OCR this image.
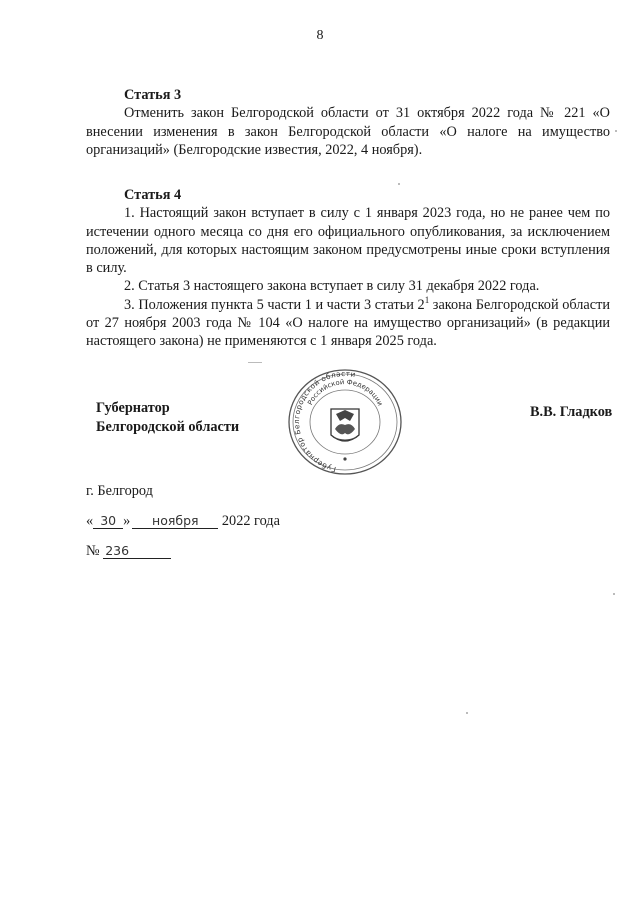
8
Статья 3
Отменить закон Белгородской области от 31 октября 2022 года № 221 «О внесении изменения в закон Белгородской области «О налоге на имущество организаций» (Белгородские известия, 2022, 4 ноября).
Статья 4
1. Настоящий закон вступает в силу с 1 января 2023 года, но не ранее чем по истечении одного месяца со дня его официального опубликования, за исключением положений, для которых настоящим законом предусмотрены иные сроки вступления в силу.
2. Статья 3 настоящего закона вступает в силу 31 декабря 2022 года.
3. Положения пункта 5 части 1 и части 3 статьи $2^1$ закона Белгородской области от 27 ноября 2003 года № 104 «О налоге на имущество организаций» (в редакции настоящего закона) не применяются с 1 января 2025 года.
Губернатор
Белгородской области
Губернатор Белгородской области
Российской Федерации
В.В. Гладков
г. Белгород
« 30 » ноября 2022 года
№ 236
